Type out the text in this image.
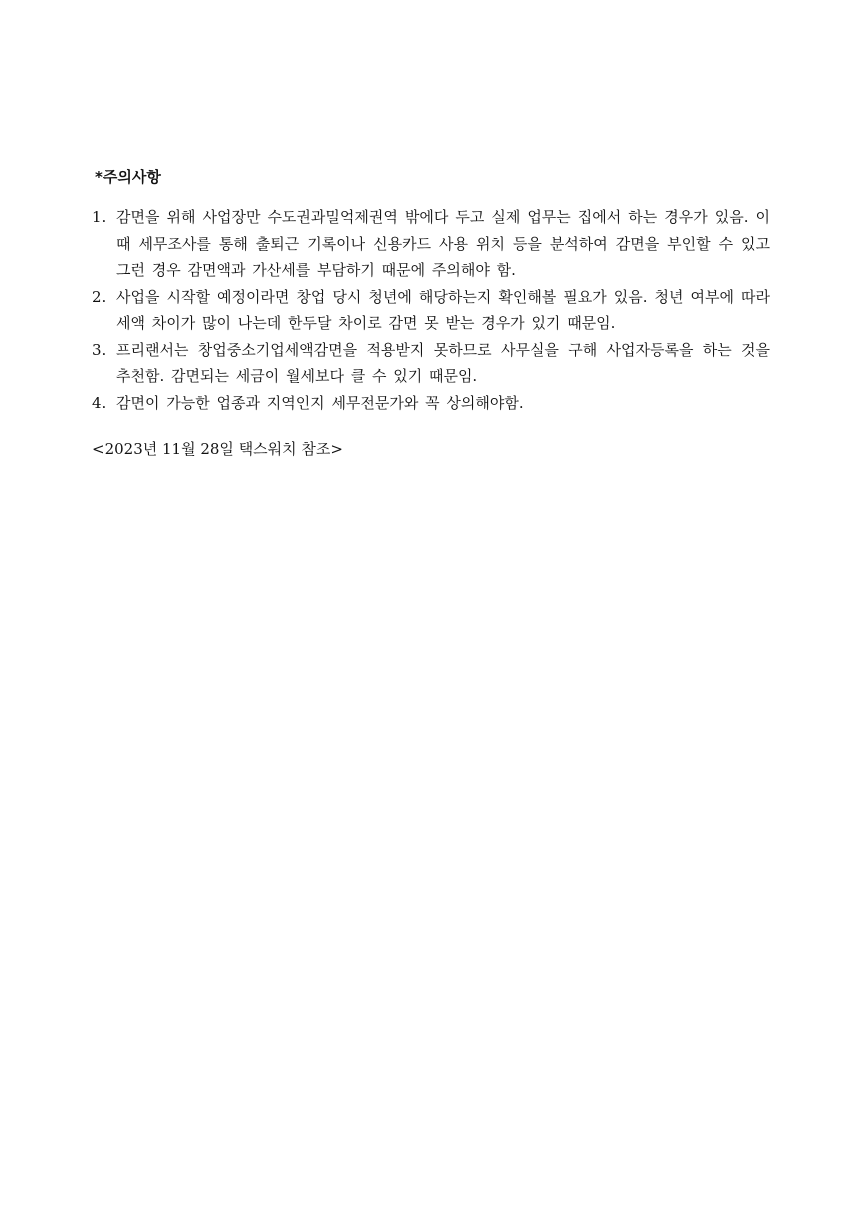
*주의사항
1. 감면을 위해 사업장만 수도권과밀억제권역 밖에다 두고 실제 업무는 집에서 하는 경우가 있음. 이 때 세무조사를 통해 출퇴근 기록이나 신용카드 사용 위치 등을 분석하여 감면을 부인할 수 있고 그런 경우 감면액과 가산세를 부담하기 때문에 주의해야 함.
2. 사업을 시작할 예정이라면 창업 당시 청년에 해당하는지 확인해볼 필요가 있음. 청년 여부에 따라 세액 차이가 많이 나는데 한두달 차이로 감면 못 받는 경우가 있기 때문임.
3. 프리랜서는 창업중소기업세액감면을 적용받지 못하므로 사무실을 구해 사업자등록을 하는 것을 추천함. 감면되는 세금이 월세보다 클 수 있기 때문임.
4. 감면이 가능한 업종과 지역인지 세무전문가와 꼭 상의해야함.
<2023년 11월 28일 택스워치 참조>
